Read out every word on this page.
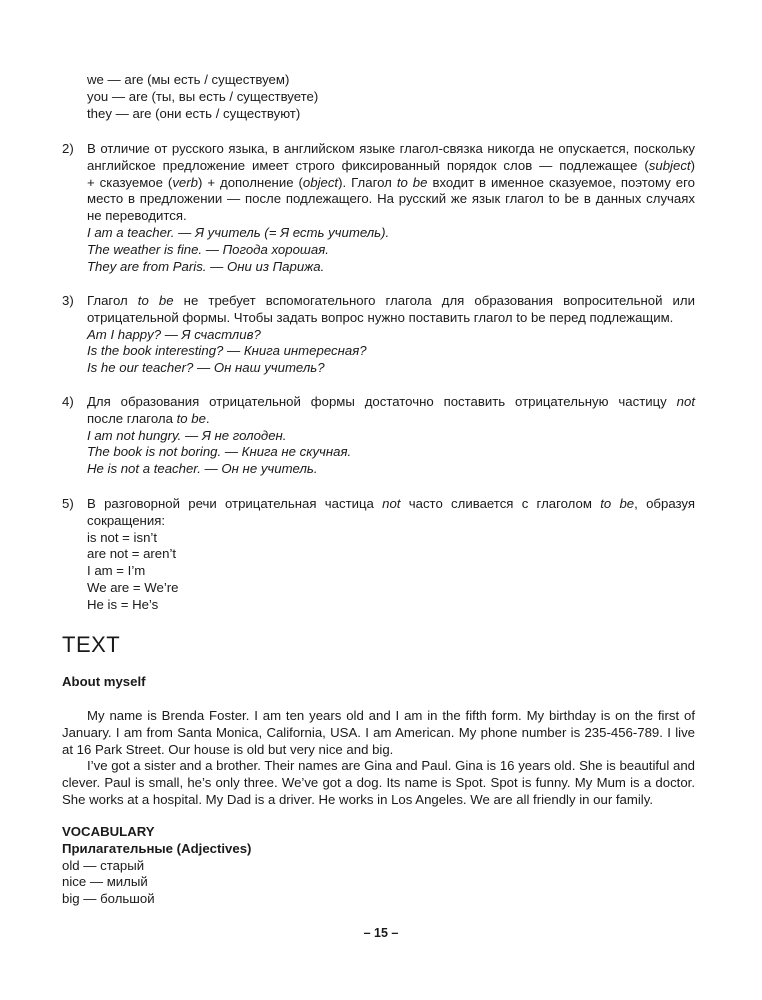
we — are (мы есть / существуем)
you — are (ты, вы есть / существуете)
they — are (они есть / существуют)
2) В отличие от русского языка, в английском языке глагол-связка никогда не опускается, поскольку
английское предложение имеет строго фиксированный порядок слов — подлежащее (subject)
+ сказуемое (verb) + дополнение (object). Глагол to be входит в именное сказуемое, поэтому его
место в предложении — после подлежащего. На русский же язык глагол to be в данных случаях
не переводится.
I am a teacher. — Я учитель (= Я есть учитель).
The weather is fine. — Погода хорошая.
They are from Paris. — Они из Парижа.
3) Глагол to be не требует вспомогательного глагола для образования вопросительной или
отрицательной формы. Чтобы задать вопрос нужно поставить глагол to be перед подлежащим.
Am I happy? — Я счастлив?
Is the book interesting? — Книга интересная?
Is he our teacher? — Он наш учитель?
4) Для образования отрицательной формы достаточно поставить отрицательную частицу not
после глагола to be.
I am not hungry. — Я не голоден.
The book is not boring. — Книга не скучная.
He is not a teacher. — Он не учитель.
5) В разговорной речи отрицательная частица not часто сливается с глаголом to be, образуя
сокращения:
is not = isn’t
are not = aren’t
I am = I’m
We are = We’re
He is = He’s
TEXT
About myself
My name is Brenda Foster. I am ten years old and I am in the fifth form. My birthday is on the first of
January. I am from Santa Monica, California, USA. I am American. My phone number is 235-456-789. I live
at 16 Park Street. Our house is old but very nice and big.
I’ve got a sister and a brother. Their names are Gina and Paul. Gina is 16 years old. She is beautiful and
clever. Paul is small, he’s only three. We’ve got a dog. Its name is Spot. Spot is funny. My Mum is a doctor.
She works at a hospital. My Dad is a driver. He works in Los Angeles. We are all friendly in our family.
VOCABULARY
Прилагательные (Adjectives)
old — старый
nice — милый
big — большой
– 15 –
